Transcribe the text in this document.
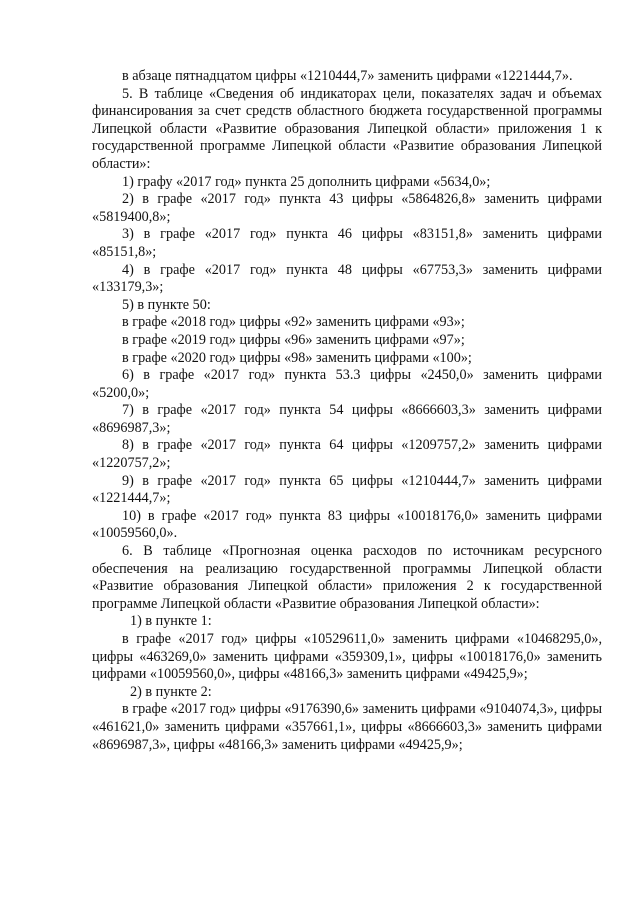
в абзаце пятнадцатом цифры «1210444,7» заменить цифрами «1221444,7».

5. В таблице «Сведения об индикаторах цели, показателях задач и объемах финансирования за счет средств областного бюджета государственной программы Липецкой области «Развитие образования Липецкой области» приложения 1 к государственной программе Липецкой области «Развитие образования Липецкой области»:

1) графу «2017 год» пункта 25 дополнить цифрами «5634,0»;

2) в графе «2017 год» пункта 43 цифры «5864826,8» заменить цифрами «5819400,8»;

3) в графе «2017 год» пункта 46 цифры «83151,8» заменить цифрами «85151,8»;

4) в графе «2017 год» пункта 48 цифры «67753,3» заменить цифрами «133179,3»;

5) в пункте 50:

в графе «2018 год» цифры «92» заменить цифрами «93»;

в графе «2019 год» цифры «96» заменить цифрами «97»;

в графе «2020 год» цифры «98» заменить цифрами «100»;

6) в графе «2017 год» пункта 53.3 цифры «2450,0» заменить цифрами «5200,0»;

7) в графе «2017 год» пункта 54 цифры «8666603,3» заменить цифрами «8696987,3»;

8) в графе «2017 год» пункта 64 цифры «1209757,2» заменить цифрами «1220757,2»;

9) в графе «2017 год» пункта 65 цифры «1210444,7» заменить цифрами «1221444,7»;

10) в графе «2017 год» пункта 83 цифры «10018176,0» заменить цифрами «10059560,0».

6. В таблице «Прогнозная оценка расходов по источникам ресурсного обеспечения на реализацию государственной программы Липецкой области «Развитие образования Липецкой области» приложения 2 к государственной программе Липецкой области «Развитие образования Липецкой области»:

1) в пункте 1:

в графе «2017 год» цифры «10529611,0» заменить цифрами «10468295,0», цифры «463269,0» заменить цифрами «359309,1», цифры «10018176,0» заменить цифрами «10059560,0», цифры «48166,3» заменить цифрами «49425,9»;

2) в пункте 2:

в графе «2017 год» цифры «9176390,6» заменить цифрами «9104074,3», цифры «461621,0» заменить цифрами «357661,1», цифры «8666603,3» заменить цифрами «8696987,3», цифры «48166,3» заменить цифрами «49425,9»;
